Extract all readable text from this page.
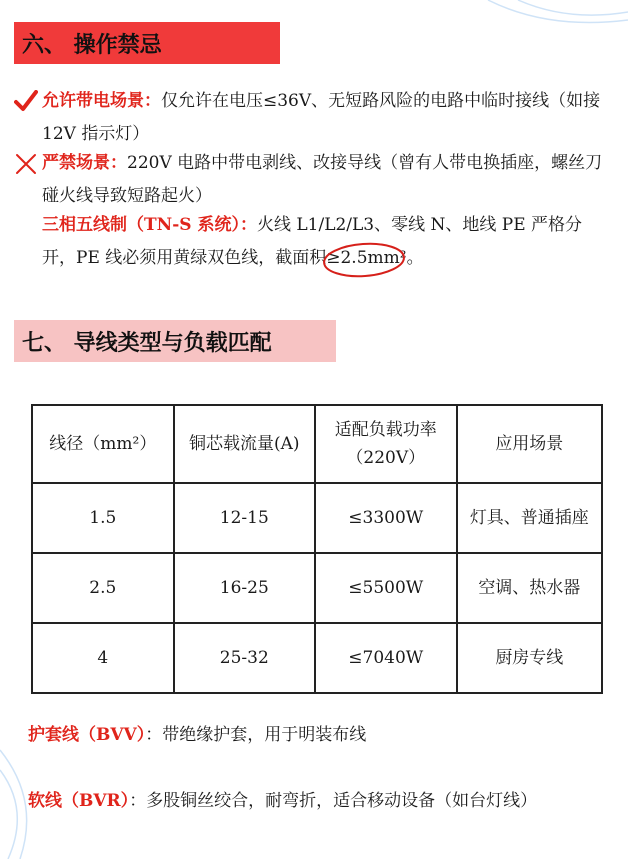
六、 操作禁忌
允许带电场景：仅允许在电压≤36V、无短路风险的电路中临时接线（如接 12V 指示灯）
严禁场景：220V 电路中带电剥线、改接导线（曾有人带电换插座，螺丝刀碰火线导致短路起火）
三相五线制（TN-S 系统）：火线 L1/L2/L3、零线 N、地线 PE 严格分开，PE 线必须用黄绿双色线，截面积≥2.5mm²。
七、 导线类型与负载匹配
线径（mm²）	铜芯载流量(A)	适配负载功率（220V）	应用场景
1.5	12-15	≤3300W	灯具、普通插座
2.5	16-25	≤5500W	空调、热水器
4	25-32	≤7040W	厨房专线
护套线（BVV）：带绝缘护套，用于明装布线
软线（BVR）：多股铜丝绞合，耐弯折，适合移动设备（如台灯线）
